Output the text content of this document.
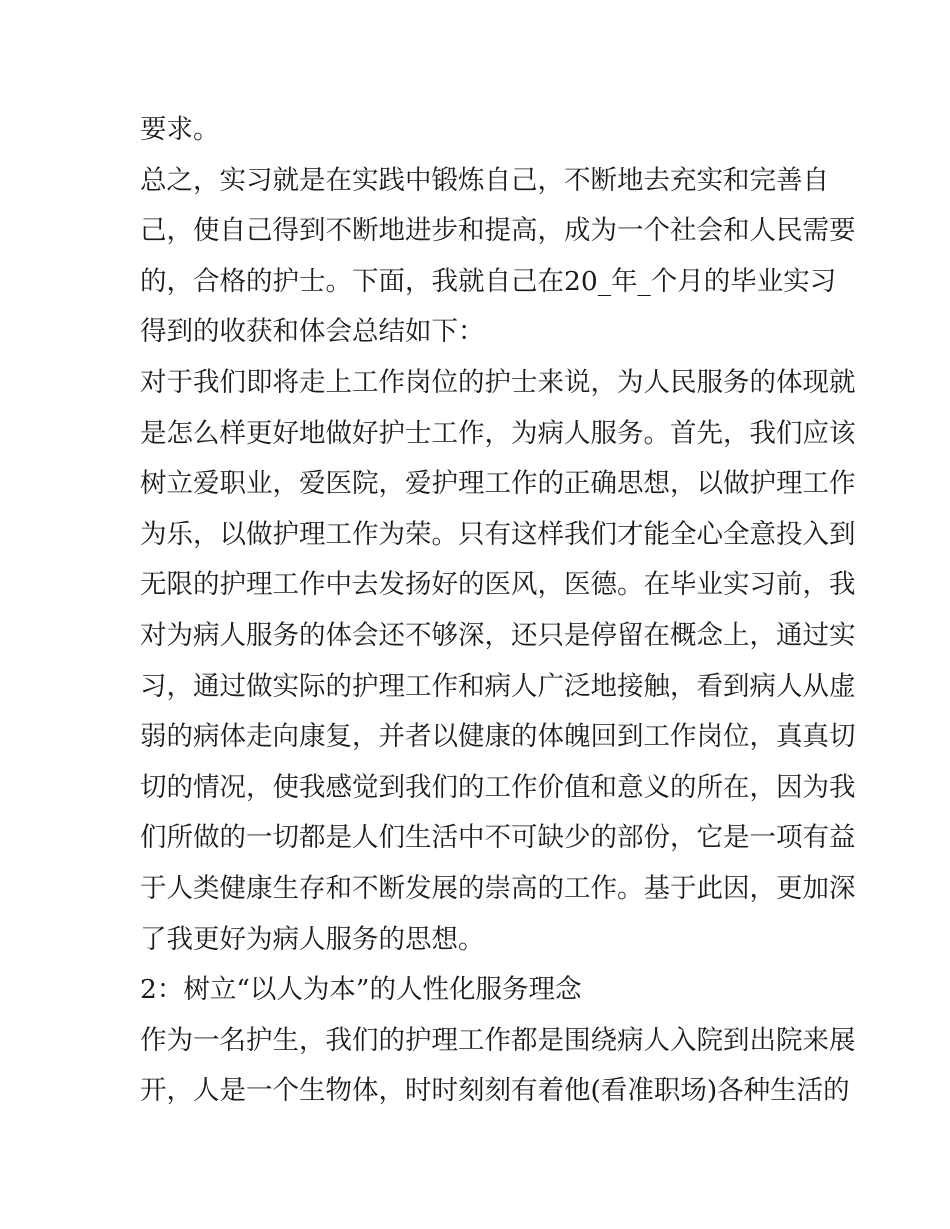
要求。
总之，实习就是在实践中锻炼自己，不断地去充实和完善自
己，使自己得到不断地进步和提高，成为一个社会和人民需要
的，合格的护士。下面，我就自己在20_年_个月的毕业实习
得到的收获和体会总结如下：
对于我们即将走上工作岗位的护士来说，为人民服务的体现就
是怎么样更好地做好护士工作，为病人服务。首先，我们应该
树立爱职业，爱医院，爱护理工作的正确思想，以做护理工作
为乐，以做护理工作为荣。只有这样我们才能全心全意投入到
无限的护理工作中去发扬好的医风，医德。在毕业实习前，我
对为病人服务的体会还不够深，还只是停留在概念上，通过实
习，通过做实际的护理工作和病人广泛地接触，看到病人从虚
弱的病体走向康复，并者以健康的体魄回到工作岗位，真真切
切的情况，使我感觉到我们的工作价值和意义的所在，因为我
们所做的一切都是人们生活中不可缺少的部份，它是一项有益
于人类健康生存和不断发展的崇高的工作。基于此因，更加深
了我更好为病人服务的思想。
2：树立“以人为本”的人性化服务理念
作为一名护生，我们的护理工作都是围绕病人入院到出院来展
开，人是一个生物体，时时刻刻有着他(看准职场)各种生活的
